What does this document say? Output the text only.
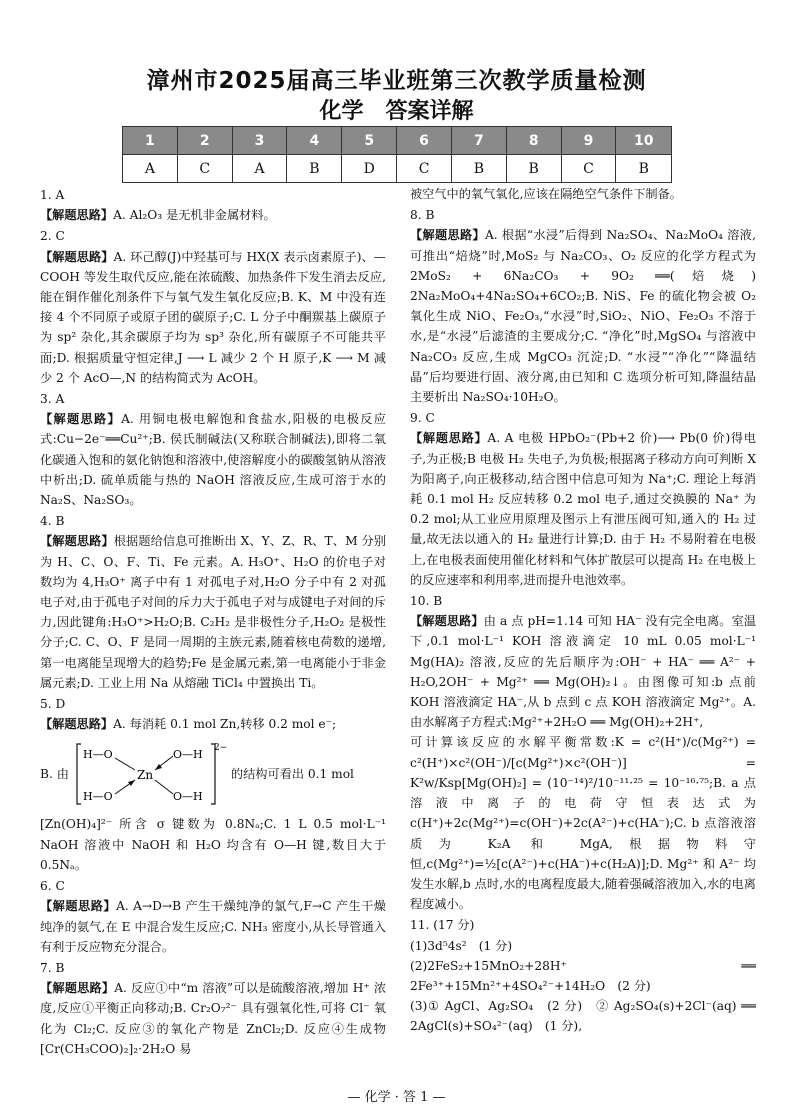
漳州市2025届高三毕业班第三次教学质量检测
化学　答案详解
1	2	3	4	5	6	7	8	9	10
A	C	A	B	D	C	B	B	C	B

1. A

【解题思路】A. Al₂O₃ 是无机非金属材料。

2. C

【解题思路】A. 环己醇(J)中羟基可与 HX(X 表示卤素原子)、—COOH 等发生取代反应,能在浓硫酸、加热条件下发生消去反应,能在铜作催化剂条件下与氧气发生氧化反应;B. K、M 中没有连接 4 个不同原子或原子团的碳原子;C. L 分子中酮羰基上碳原子为 sp² 杂化,其余碳原子均为 sp³ 杂化,所有碳原子不可能共平面;D. 根据质量守恒定律,J ⟶ L 减少 2 个 H 原子,K ⟶ M 减少 2 个 AcO—,N 的结构简式为 AcOH。

3. A

【解题思路】A. 用铜电极电解饱和食盐水,阳极的电极反应式:Cu−2e⁻══Cu²⁺;B. 侯氏制碱法(又称联合制碱法),即将二氧化碳通入饱和的氨化钠饱和溶液中,使溶解度小的碳酸氢钠从溶液中析出;D. 硫单质能与热的 NaOH 溶液反应,生成可溶于水的 Na₂S、Na₂SO₃。

4. B

【解题思路】根据题给信息可推断出 X、Y、Z、R、T、M 分别为 H、C、O、F、Ti、Fe 元素。A. H₃O⁺、H₂O 的价电子对数均为 4,H₃O⁺ 离子中有 1 对孤电子对,H₂O 分子中有 2 对孤电子对,由于孤电子对间的斥力大于孤电子对与成键电子对间的斥力,因此键角:H₃O⁺>H₂O;B. C₂H₂ 是非极性分子,H₂O₂ 是极性分子;C. C、O、F 是同一周期的主族元素,随着核电荷数的递增,第一电离能呈现增大的趋势;Fe 是金属元素,第一电离能小于非金属元素;D. 工业上用 Na 从熔融 TiCl₄ 中置换出 Ti。

5. D

【解题思路】A. 每消耗 0.1 mol Zn,转移 0.2 mol e⁻;

B. 由
H—O	O—H
Zn
H—O	O—H
2−
的结构可看出 0.1 mol

[Zn(OH)₄]²⁻ 所含 σ 键数为 0.8Nₐ;C. 1 L 0.5 mol·L⁻¹ NaOH 溶液中 NaOH 和 H₂O 均含有 O—H 键,数目大于 0.5Nₐ。

6. C

【解题思路】A. A→D→B 产生干燥纯净的氯气,F→C 产生干燥纯净的氨气,在 E 中混合发生反应;C. NH₃ 密度小,从长导管通入有利于反应物充分混合。

7. B

【解题思路】A. 反应①中“m 溶液”可以是硫酸溶液,增加 H⁺ 浓度,反应①平衡正向移动;B. Cr₂O₇²⁻ 具有强氧化性,可将 Cl⁻ 氧化为 Cl₂;C. 反应③的氧化产物是 ZnCl₂;D. 反应④生成物[Cr(CH₃COO)₂]₂·2H₂O 易

被空气中的氧气氧化,应该在隔绝空气条件下制备。

8. B

【解题思路】A. 根据“水浸”后得到 Na₂SO₄、Na₂MoO₄ 溶液,可推出“焙烧”时,MoS₂ 与 Na₂CO₃、O₂ 反应的化学方程式为 2MoS₂ + 6Na₂CO₃ + 9O₂ ══(焙烧) 2Na₂MoO₄+4Na₂SO₄+6CO₂;B. NiS、Fe 的硫化物会被 O₂ 氧化生成 NiO、Fe₂O₃,“水浸”时,SiO₂、NiO、Fe₂O₃ 不溶于水,是“水浸”后滤渣的主要成分;C. “净化”时,MgSO₄ 与溶液中 Na₂CO₃ 反应,生成 MgCO₃ 沉淀;D. “水浸”“净化”“降温结晶”后均要进行固、液分离,由已知和 C 选项分析可知,降温结晶主要析出 Na₂SO₄·10H₂O。

9. C

【解题思路】A. A 电极 HPbO₂⁻(Pb+2 价)⟶ Pb(0 价)得电子,为正极;B 电极 H₂ 失电子,为负极;根据离子移动方向可判断 X 为阳离子,向正极移动,结合图中信息可知为 Na⁺;C. 理论上每消耗 0.1 mol H₂ 反应转移 0.2 mol 电子,通过交换膜的 Na⁺ 为 0.2 mol;从工业应用原理及图示上有泄压阀可知,通入的 H₂ 过量,故无法以通入的 H₂ 量进行计算;D. 由于 H₂ 不易附着在电极上,在电极表面使用催化材料和气体扩散层可以提高 H₂ 在电极上的反应速率和利用率,进而提升电池效率。

10. B

【解题思路】由 a 点 pH=1.14 可知 HA⁻ 没有完全电离。室温下,0.1 mol·L⁻¹ KOH 溶液滴定 10 mL 0.05 mol·L⁻¹ Mg(HA)₂ 溶液,反应的先后顺序为:OH⁻ + HA⁻ ══ A²⁻ + H₂O,2OH⁻ + Mg²⁺ ══ Mg(OH)₂↓。由图像可知:b 点前 KOH 溶液滴定 HA⁻,从 b 点到 c 点 KOH 溶液滴定 Mg²⁺。A. 由水解离子方程式:Mg²⁺+2H₂O ══ Mg(OH)₂+2H⁺,

可计算该反应的水解平衡常数:K = c²(H⁺)/c(Mg²⁺) = c²(H⁺)×c²(OH⁻)/[c(Mg²⁺)×c²(OH⁻)] = K²w/Ksp[Mg(OH)₂] = (10⁻¹⁴)²/10⁻¹¹·²⁵ = 10⁻¹⁶·⁷⁵;B. a 点溶液中离子的电荷守恒表达式为 c(H⁺)+2c(Mg²⁺)=c(OH⁻)+2c(A²⁻)+c(HA⁻);C. b 点溶液溶质为 K₂A 和 MgA,根据物料守恒,c(Mg²⁺)=½[c(A²⁻)+c(HA⁻)+c(H₂A)];D. Mg²⁺ 和 A²⁻ 均发生水解,b 点时,水的电离程度最大,随着强碱溶液加入,水的电离程度减小。

11. (17 分)

(1)3d⁵4s²　(1 分)

(2)2FeS₂+15MnO₂+28H⁺ ══ 2Fe³⁺+15Mn²⁺+4SO₄²⁻+14H₂O　(2 分)

(3)① AgCl、Ag₂SO₄　(2 分)　② Ag₂SO₄(s)+2Cl⁻(aq) ══ 2AgCl(s)+SO₄²⁻(aq)　(1 分),

— 化学 · 答 1 —
